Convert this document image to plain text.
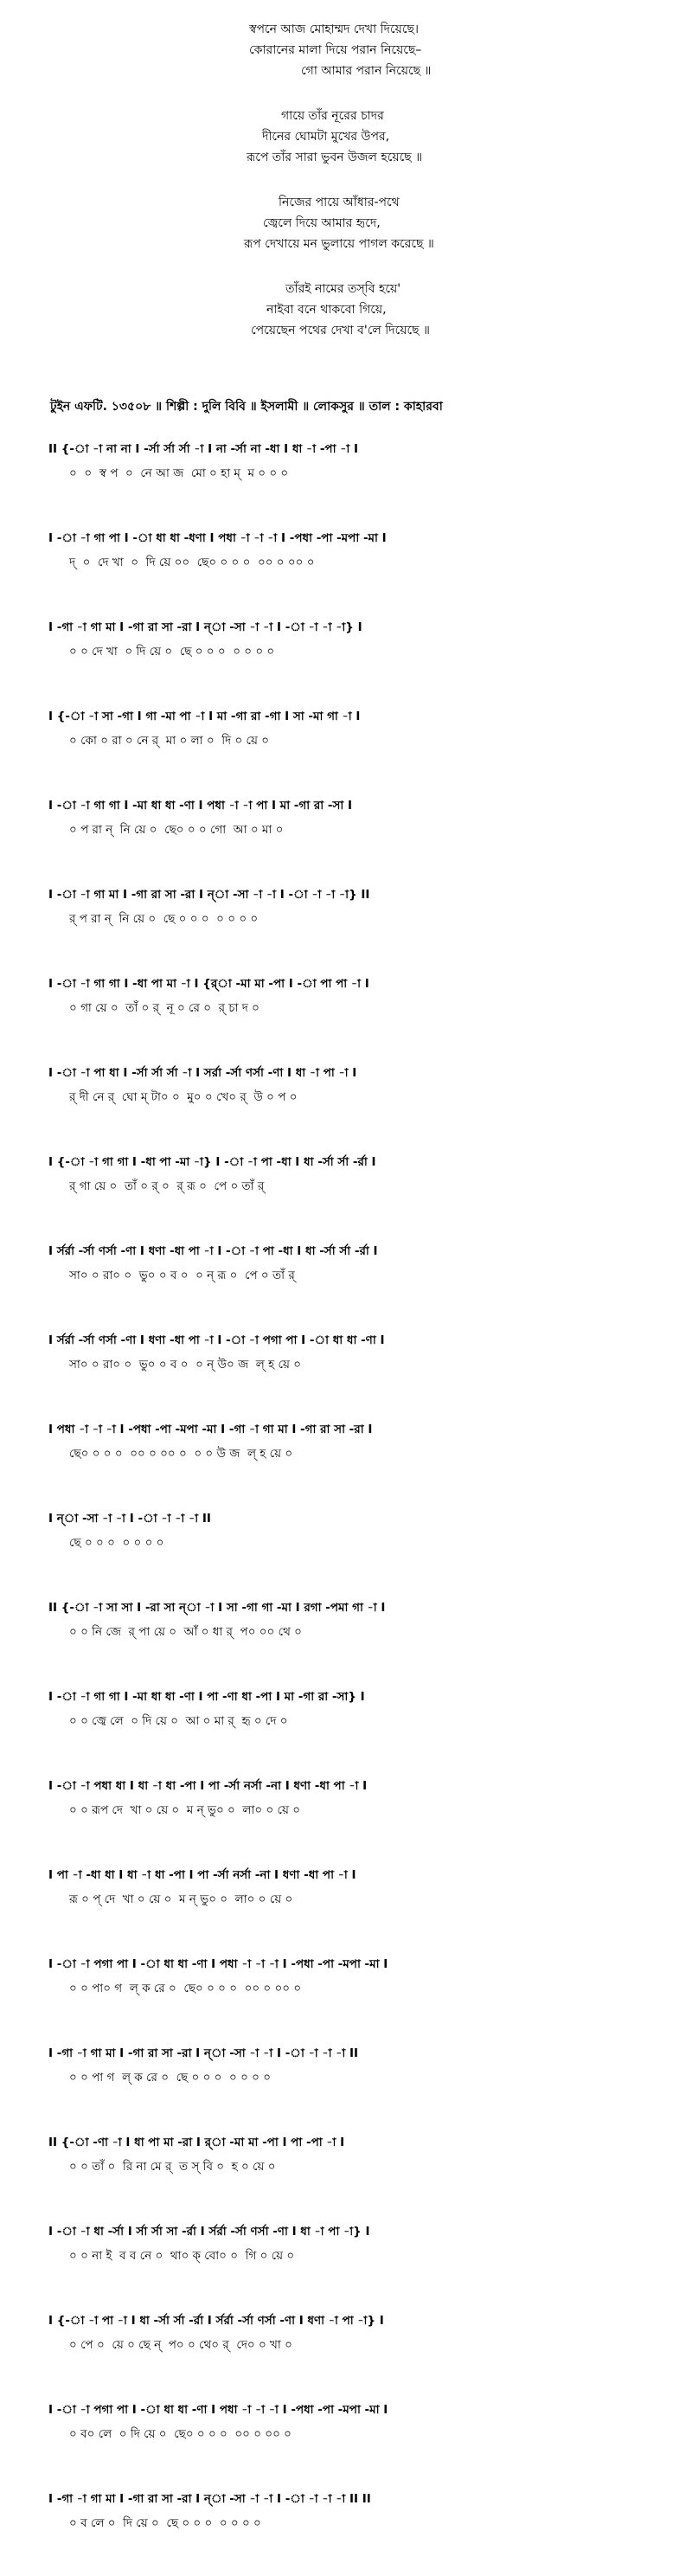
স্বপনে আজ মোহাম্মদ দেখা দিয়েছে।
কোরানের মালা দিয়ে পরান নিয়েছে–
গো আমার পরান নিয়েছে ॥
গায়ে তাঁর নূরের চাদর
দীনের ঘোমটা মুখের উপর,
রূপে তাঁর সারা ভুবন উজল হয়েছে ॥
নিজের পায়ে আঁধার-পথে
জ্বেলে দিয়ে আমার হৃদে,
রূপ দেখায়ে মন ভুলায়ে পাগল করেছে ॥
তাঁরই নামের তস্‌বি হয়ে'
নাইবা বনে থাকবো গিয়ে,
পেয়েছেন পথের দেখা ব'লে দিয়েছে ॥
টুইন এফটি. ১৩৫০৮ ॥ শিল্পী : দুলি বিবি ॥ ইসলামী ॥ লোকসুর ॥ তাল : কাহারবা
II {-া -া না না I -র্সা র্সা র্সা -া I না -র্সা না -ধা I ধা -া -পা -া I
০  ০  স্ব প  ০  নে আ জ  মো ০ হা ম্  ম ০ ০ ০
I -া -া গা পা I -া ধা ধা -ধণা I পধা -া -া -া I -পধা -পা -মপা -মা I
দ্  ০  দে খা  ০  দি য়ে ০০  ছে০ ০ ০ ০  ০০ ০ ০০ ০
I -গা -া গা মা I -গা রা সা -রা I ন্‌া -সা -া -া I -া -া -া -া} I
০ ০ দে খা  ০ দি য়ে ০  ছে ০ ০ ০  ০ ০ ০ ০
I {-া -া সা -গা I গা -মা পা -া I মা -গা রা -গা I সা -মা গা -া I
০ কো ০ রা ০ নে র্  মা ০ লা ০  দি ০ য়ে ০
I -া -া গা গা I -মা ধা ধা -ণা I পধা -া -া পা I মা -গা রা -সা I
০ প রা ন্  নি য়ে ০  ছে০ ০ ০ গো  আ ০ মা ০
I -া -া গা মা I -গা রা সা -রা I ন্‌া -সা -া -া I -া -া -া -া} II
র্ প রা ন্  নি য়ে ০  ছে ০ ০ ০  ০ ০ ০ ০
I -া -া গা গা I -ধা পা মা -া I {র্‌া -মা মা -পা I -া পা পা -া I
০ গা য়ে ০  তাঁ ০ র্  নূ ০ রে ০  র্ চা দ ০
I -া -া পা ধা I -র্সা র্সা র্সা -া I সর্রা -র্সা ণর্সা -ণা I ধা -া পা -া I
র্ দী নে র্  ঘো ম্ টা০ ০  মু০ ০ খে০ র্  উ ০ প ০
I {-া -া গা গা I -ধা পা -মা -া} I -া -া পা -ধা I ধা -র্সা র্সা -র্রা I
র্ গা য়ে ০  তাঁ ০ র্ ০  র্ রূ ০  পে ০ তাঁ র্
I র্সর্রা -র্সা ণর্সা -ণা I ধণা -ধা পা -া I -া -া পা -ধা I ধা -র্সা র্সা -র্রা I
সা০ ০ রা০ ০  ভু০ ০ ব ০  ০ ন্ রূ ০  পে ০ তাঁ র্
I র্সর্রা -র্সা ণর্সা -ণা I ধণা -ধা পা -া I -া -া পগা পা I -া ধা ধা -ণা I
সা০ ০ রা০ ০  ভু০ ০ ব ০  ০ ন্ উ০ জ  ল্ হ য়ে ০
I পধা -া -া -া I -পধা -পা -মপা -মা I -গা -া গা মা I -গা রা সা -রা I
ছে০ ০ ০ ০  ০০ ০ ০০ ০  ০ ০ উ জ  ল্ হ য়ে ০
I ন্‌া -সা -া -া I -া -া -া -া II
ছে ০ ০ ০  ০ ০ ০ ০
II {-া -া সা সা I -রা সা ন্‌া -া I সা -গা গা -মা I রগা -পমা গা -া I
০ ০ নি জে  র্ পা য়ে ০  আঁ ০ ধা র্  প০ ০০ থে ০
I -া -া গা গা I -মা ধা ধা -ণা I পা -ণা ধা -পা I মা -গা রা -সা} I
০ ০ জ্বে লে  ০ দি য়ে ০  আ ০ মা র্  হৃ ০ দে ০
I -া -া পধা ধা I ধা -া ধা -পা I পা -র্সা নর্সা -না I ধণা -ধা পা -া I
০ ০ রূপ দে  খা ০ য়ে ০  ম ন্ ভু০ ০  লা০ ০ য়ে ০
I পা -া -ধা ধা I ধা -া ধা -পা I পা -র্সা নর্সা -না I ধণা -ধা পা -া I
রূ ০ প্ দে  খা ০ য়ে ০  ম ন্ ভু০ ০  লা০ ০ য়ে ০
I -া -া পগা পা I -া ধা ধা -ণা I পধা -া -া -া I -পধা -পা -মপা -মা I
০ ০ পা০ গ  ল্ ক রে ০  ছে০ ০ ০ ০  ০০ ০ ০০ ০
I -গা -া গা মা I -গা রা সা -রা I ন্‌া -সা -া -া I -া -া -া -া II
০ ০ পা গ  ল্ ক রে ০  ছে ০ ০ ০  ০ ০ ০ ০
II {-া -ণা -া I ধা পা মা -রা I র্‌া -মা মা -পা I পা -পা -া I
০ ০ তাঁ ০  রি না মে র্  ত স্ বি ০  হ ০ য়ে ০
I -া -া ধা -র্সা I র্সা র্সা সা -র্রা I র্সর্রা -র্সা ণর্সা -ণা I ধা -া পা -া} I
০ ০ না ই  ব ব নে ০  থা০ ক্ বো০ ০  গি ০ য়ে ০
I {-া -া পা -া I ধা -র্সা র্সা -র্রা I র্সর্রা -র্সা ণর্সা -ণা I ধণা -া পা -া} I
০ পে ০  য়ে ০ ছে ন্  প০ ০ থে০ র্  দে০ ০ খা ০
I -া -া পগা পা I -া ধা ধা -ণা I পধা -া -া -া I -পধা -পা -মপা -মা I
০ ব০ লে  ০ দি য়ে ০  ছে০ ০ ০ ০  ০০ ০ ০০ ০
I -গা -া গা মা I -গা রা সা -রা I ন্‌া -সা -া -া I -া -া -া -া II II
০ ব লে ০  দি য়ে ০  ছে ০ ০ ০  ০ ০ ০ ০
